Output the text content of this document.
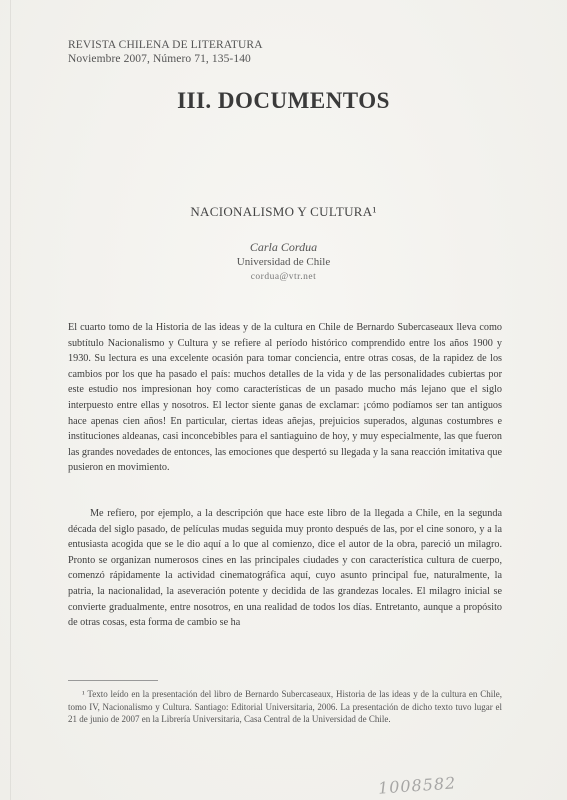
REVISTA CHILENA DE LITERATURA
Noviembre 2007, Número 71, 135-140
III. DOCUMENTOS
NACIONALISMO Y CULTURA¹
Carla Cordua
Universidad de Chile
cordua@vtr.net
El cuarto tomo de la Historia de las ideas y de la cultura en Chile de Bernardo Subercaseaux lleva como subtítulo Nacionalismo y Cultura y se refiere al período histórico comprendido entre los años 1900 y 1930. Su lectura es una excelente ocasión para tomar conciencia, entre otras cosas, de la rapidez de los cambios por los que ha pasado el país: muchos detalles de la vida y de las personalidades cubiertas por este estudio nos impresionan hoy como características de un pasado mucho más lejano que el siglo interpuesto entre ellas y nosotros. El lector siente ganas de exclamar: ¡cómo podíamos ser tan antiguos hace apenas cien años! En particular, ciertas ideas añejas, prejuicios superados, algunas costumbres e instituciones aldeanas, casi inconcebibles para el santiaguino de hoy, y muy especialmente, las que fueron las grandes novedades de entonces, las emociones que despertó su llegada y la sana reacción imitativa que pusieron en movimiento.
Me refiero, por ejemplo, a la descripción que hace este libro de la llegada a Chile, en la segunda década del siglo pasado, de películas mudas seguida muy pronto después de las, por el cine sonoro, y a la entusiasta acogida que se le dio aquí a lo que al comienzo, dice el autor de la obra, pareció un milagro. Pronto se organizan numerosos cines en las principales ciudades y con característica cultura de cuerpo, comenzó rápidamente la actividad cinematográfica aquí, cuyo asunto principal fue, naturalmente, la patria, la nacionalidad, la aseveración potente y decidida de las grandezas locales. El milagro inicial se convierte gradualmente, entre nosotros, en una realidad de todos los días. Entretanto, aunque a propósito de otras cosas, esta forma de cambio se ha
¹ Texto leído en la presentación del libro de Bernardo Subercaseaux, Historia de las ideas y de la cultura en Chile, tomo IV, Nacionalismo y Cultura. Santiago: Editorial Universitaria, 2006. La presentación de dicho texto tuvo lugar el 21 de junio de 2007 en la Librería Universitaria, Casa Central de la Universidad de Chile.
1008582
